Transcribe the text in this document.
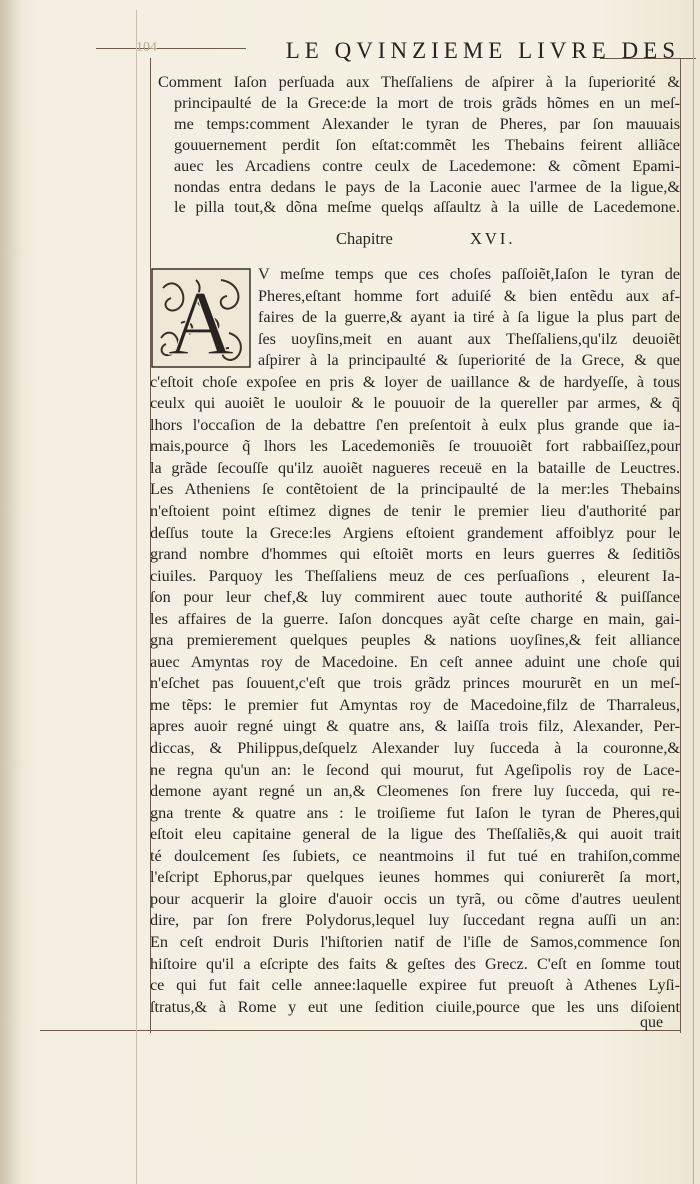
104	LE QVINZIEME LIVRE DES
Comment Iaſon perſuada aux Theſſaliens de aſpirer à la ſuperiorité &
principaulté de la Grece:de la mort de trois grãds hõmes en un meſ-
me temps:comment Alexander le tyran de Pheres, par ſon mauuais
gouuernement perdit ſon eſtat:commẽt les Thebains feirent alliãce
auec les Arcadiens contre ceulx de Lacedemone: & cõment Epami-
nondas entra dedans le pays de la Laconie auec l'armee de la ligue,&
le pilla tout,& dõna meſme quelqs aſſaultz à la uille de Lacedemone.
Chapitre	XVI.
A	V meſme temps que ces choſes paſſoiẽt,Iaſon le tyran de
Pheres,eſtant homme fort aduiſé & bien entẽdu aux af-
faires de la guerre,& ayant ia tiré à ſa ligue la plus part de
ſes uoyſins,meit en auant aux Theſſaliens,qu'ilz deuoiẽt
aſpirer à la principaulté & ſuperiorité de la Grece, & que
c'eſtoit choſe expoſee en pris & loyer de uaillance & de hardyeſſe, à tous
ceulx qui auoiẽt le uouloir & le pouuoir de la quereller par armes, & q̃
lhors l'occaſion de la debattre ſ'en preſentoit à eulx plus grande que ia-
mais,pource q̃ lhors les Lacedemoniẽs ſe trouuoiẽt fort rabbaiſſez,pour
la grãde ſecouſſe qu'ilz auoiẽt nagueres receuë en la bataille de Leuctres.
Les Atheniens ſe contẽtoient de la principaulté de la mer:les Thebains
n'eſtoient point eſtimez dignes de tenir le premier lieu d'authorité par
deſſus toute la Grece:les Argiens eſtoient grandement affoiblyz pour le
grand nombre d'hommes qui eſtoiẽt morts en leurs guerres & ſeditiõs
ciuiles. Parquoy les Theſſaliens meuz de ces perſuaſions , eleurent Ia-
ſon pour leur chef,& luy commirent auec toute authorité & puiſſance
les affaires de la guerre. Iaſon doncques ayãt ceſte charge en main, gai-
gna premierement quelques peuples & nations uoyſines,& feit alliance
auec Amyntas roy de Macedoine. En ceſt annee aduint une choſe qui
n'eſchet pas ſouuent,c'eſt que trois grãdz princes moururẽt en un meſ-
me tẽps: le premier fut Amyntas roy de Macedoine,filz de Tharraleus,
apres auoir regné uingt & quatre ans, & laiſſa trois filz, Alexander, Per-
diccas, & Philippus,deſquelz Alexander luy ſucceda à la couronne,&
ne regna qu'un an: le ſecond qui mourut, fut Ageſipolis roy de Lace-
demone ayant regné un an,& Cleomenes ſon frere luy ſucceda, qui re-
gna trente & quatre ans : le troiſieme fut Iaſon le tyran de Pheres,qui
eſtoit eleu capitaine general de la ligue des Theſſaliẽs,& qui auoit trait
té doulcement ſes ſubiets, ce neantmoins il fut tué en trahiſon,comme
l'eſcript Ephorus,par quelques ieunes hommes qui coniurerẽt ſa mort,
pour acquerir la gloire d'auoir occis un tyrã, ou cõme d'autres ueulent
dire, par ſon frere Polydorus,lequel luy ſuccedant regna auſſi un an:
En ceſt endroit Duris l'hiſtorien natif de l'iſle de Samos,commence ſon
hiſtoire qu'il a eſcripte des faits & geſtes des Grecz. C'eſt en ſomme tout
ce qui fut fait celle annee:laquelle expiree fut preuoſt à Athenes Lyſi-
ſtratus,& à Rome y eut une ſedition ciuile,pource que les uns diſoient
que
